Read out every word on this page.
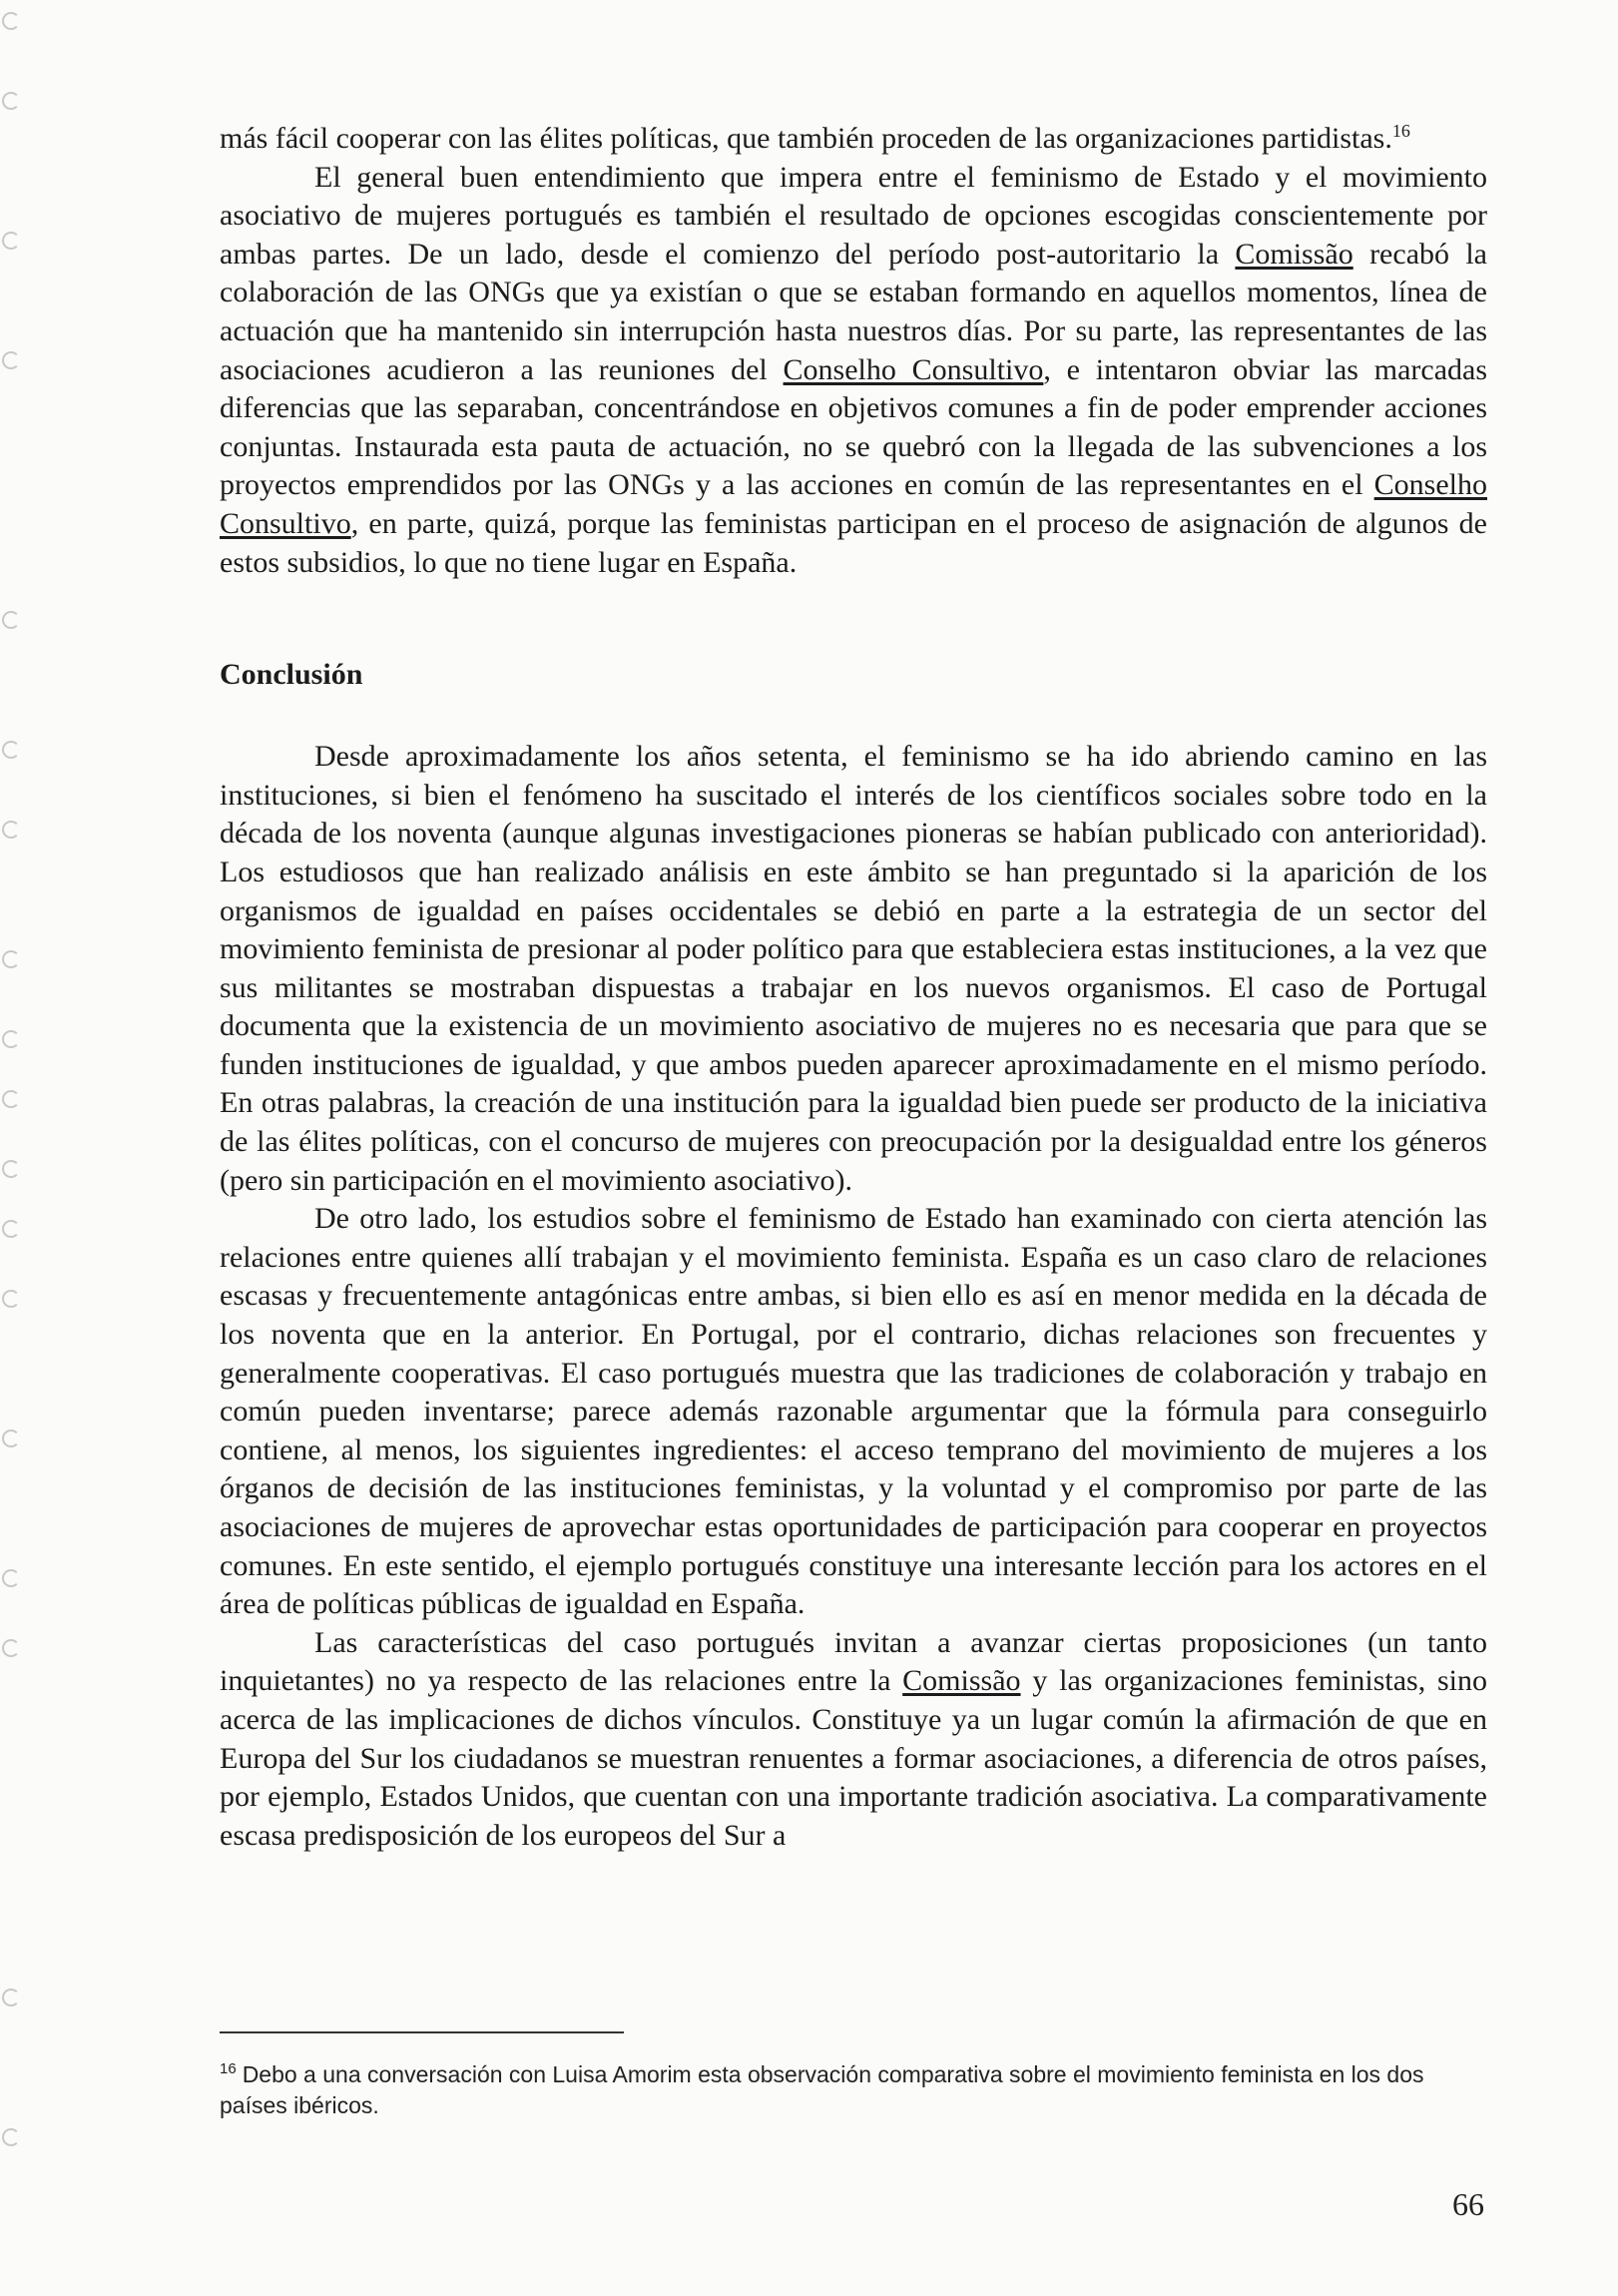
más fácil cooperar con las élites políticas, que también proceden de las organizaciones partidistas.$^{16}$

El general buen entendimiento que impera entre el feminismo de Estado y el movimiento asociativo de mujeres portugués es también el resultado de opciones escogidas conscientemente por ambas partes. De un lado, desde el comienzo del período post-autoritario la Comissão recabó la colaboración de las ONGs que ya existían o que se estaban formando en aquellos momentos, línea de actuación que ha mantenido sin interrupción hasta nuestros días. Por su parte, las representantes de las asociaciones acudieron a las reuniones del Conselho Consultivo, e intentaron obviar las marcadas diferencias que las separaban, concentrándose en objetivos comunes a fin de poder emprender acciones conjuntas. Instaurada esta pauta de actuación, no se quebró con la llegada de las subvenciones a los proyectos emprendidos por las ONGs y a las acciones en común de las representantes en el Conselho Consultivo, en parte, quizá, porque las feministas participan en el proceso de asignación de algunos de estos subsidios, lo que no tiene lugar en España.

Conclusión

Desde aproximadamente los años setenta, el feminismo se ha ido abriendo camino en las instituciones, si bien el fenómeno ha suscitado el interés de los científicos sociales sobre todo en la década de los noventa (aunque algunas investigaciones pioneras se habían publicado con anterioridad). Los estudiosos que han realizado análisis en este ámbito se han preguntado si la aparición de los organismos de igualdad en países occidentales se debió en parte a la estrategia de un sector del movimiento feminista de presionar al poder político para que estableciera estas instituciones, a la vez que sus militantes se mostraban dispuestas a trabajar en los nuevos organismos. El caso de Portugal documenta que la existencia de un movimiento asociativo de mujeres no es necesaria que para que se funden instituciones de igualdad, y que ambos pueden aparecer aproximadamente en el mismo período. En otras palabras, la creación de una institución para la igualdad bien puede ser producto de la iniciativa de las élites políticas, con el concurso de mujeres con preocupación por la desigualdad entre los géneros (pero sin participación en el movimiento asociativo).

De otro lado, los estudios sobre el feminismo de Estado han examinado con cierta atención las relaciones entre quienes allí trabajan y el movimiento feminista. España es un caso claro de relaciones escasas y frecuentemente antagónicas entre ambas, si bien ello es así en menor medida en la década de los noventa que en la anterior. En Portugal, por el contrario, dichas relaciones son frecuentes y generalmente cooperativas. El caso portugués muestra que las tradiciones de colaboración y trabajo en común pueden inventarse; parece además razonable argumentar que la fórmula para conseguirlo contiene, al menos, los siguientes ingredientes: el acceso temprano del movimiento de mujeres a los órganos de decisión de las instituciones feministas, y la voluntad y el compromiso por parte de las asociaciones de mujeres de aprovechar estas oportunidades de participación para cooperar en proyectos comunes. En este sentido, el ejemplo portugués constituye una interesante lección para los actores en el área de políticas públicas de igualdad en España.

Las características del caso portugués invitan a avanzar ciertas proposiciones (un tanto inquietantes) no ya respecto de las relaciones entre la Comissão y las organizaciones feministas, sino acerca de las implicaciones de dichos vínculos. Constituye ya un lugar común la afirmación de que en Europa del Sur los ciudadanos se muestran renuentes a formar asociaciones, a diferencia de otros países, por ejemplo, Estados Unidos, que cuentan con una importante tradición asociativa. La comparativamente escasa predisposición de los europeos del Sur a

$^{16}$ Debo a una conversación con Luisa Amorim esta observación comparativa sobre el movimiento feminista en los dos países ibéricos.
66
